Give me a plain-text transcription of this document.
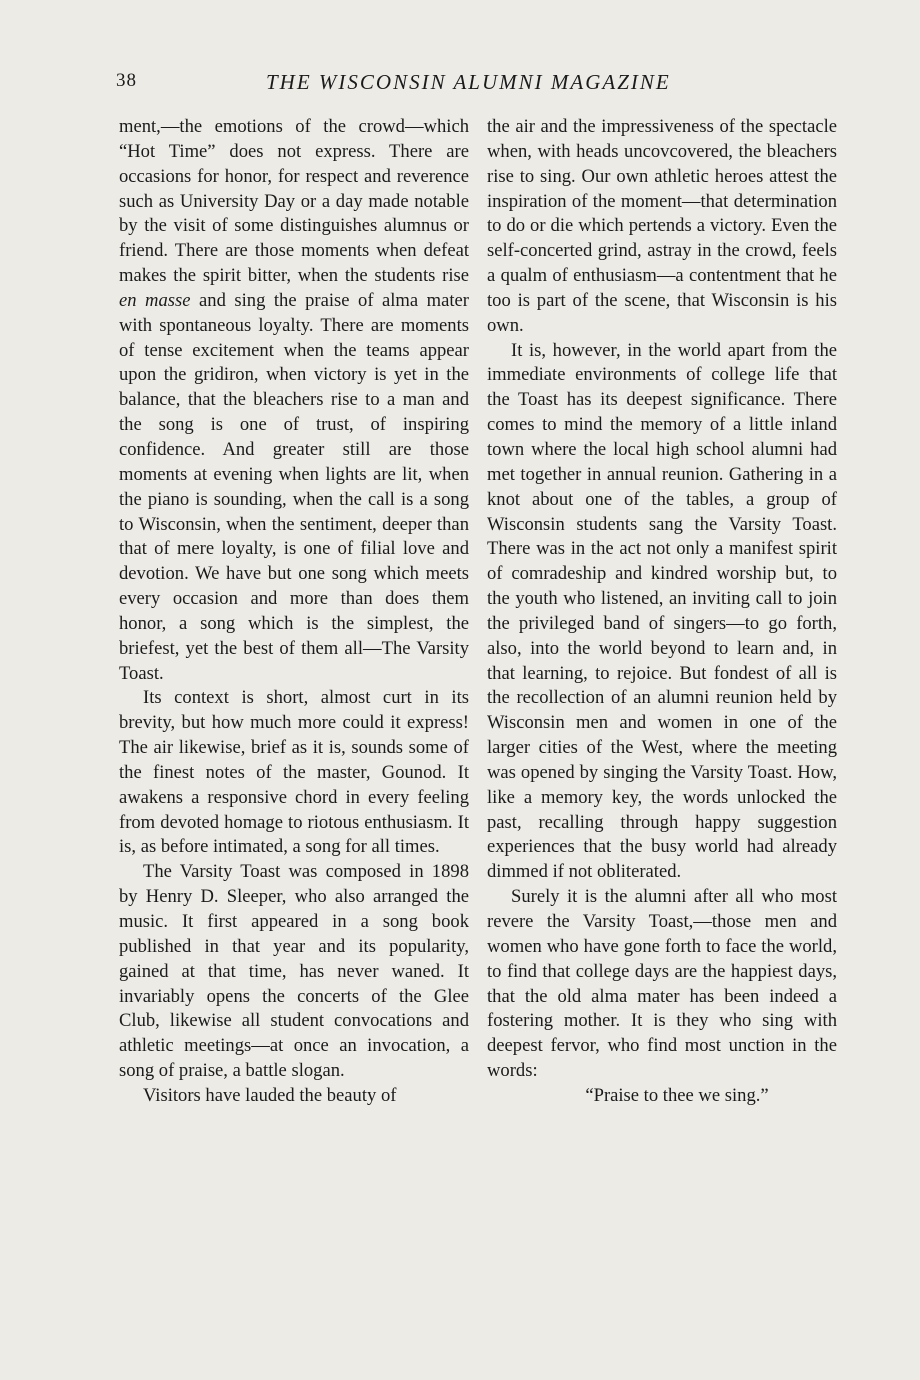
38	THE WISCONSIN ALUMNI MAGAZINE

ment,—the emotions of the crowd—which “Hot Time” does not express. There are occasions for honor, for respect and reverence such as University Day or a day made notable by the visit of some distinguishes alumnus or friend. There are those moments when defeat makes the spirit bitter, when the students rise en masse and sing the praise of alma mater with spontaneous loyalty. There are moments of tense excitement when the teams appear upon the gridiron, when victory is yet in the balance, that the bleachers rise to a man and the song is one of trust, of inspiring confidence. And greater still are those moments at evening when lights are lit, when the piano is sounding, when the call is a song to Wisconsin, when the sentiment, deeper than that of mere loyalty, is one of filial love and devotion. We have but one song which meets every occasion and more than does them honor, a song which is the simplest, the briefest, yet the best of them all—The Varsity Toast.

Its context is short, almost curt in its brevity, but how much more could it express! The air likewise, brief as it is, sounds some of the finest notes of the master, Gounod. It awakens a responsive chord in every feeling from devoted homage to riotous enthusiasm. It is, as before intimated, a song for all times.

The Varsity Toast was composed in 1898 by Henry D. Sleeper, who also arranged the music. It first appeared in a song book published in that year and its popularity, gained at that time, has never waned. It invariably opens the concerts of the Glee Club, likewise all student convocations and athletic meetings—at once an invocation, a song of praise, a battle slogan.

Visitors have lauded the beauty of

the air and the impressiveness of the spectacle when, with heads uncovcovered, the bleachers rise to sing. Our own athletic heroes attest the inspiration of the moment—that determination to do or die which pertends a victory. Even the self-concerted grind, astray in the crowd, feels a qualm of enthusiasm—a contentment that he too is part of the scene, that Wisconsin is his own.

It is, however, in the world apart from the immediate environments of college life that the Toast has its deepest significance. There comes to mind the memory of a little inland town where the local high school alumni had met together in annual reunion. Gathering in a knot about one of the tables, a group of Wisconsin students sang the Varsity Toast. There was in the act not only a manifest spirit of comradeship and kindred worship but, to the youth who listened, an inviting call to join the privileged band of singers—to go forth, also, into the world beyond to learn and, in that learning, to rejoice. But fondest of all is the recollection of an alumni reunion held by Wisconsin men and women in one of the larger cities of the West, where the meeting was opened by singing the Varsity Toast. How, like a memory key, the words unlocked the past, recalling through happy suggestion experiences that the busy world had already dimmed if not obliterated.

Surely it is the alumni after all who most revere the Varsity Toast,—those men and women who have gone forth to face the world, to find that college days are the happiest days, that the old alma mater has been indeed a fostering mother. It is they who sing with deepest fervor, who find most unction in the words:

“Praise to thee we sing.”
